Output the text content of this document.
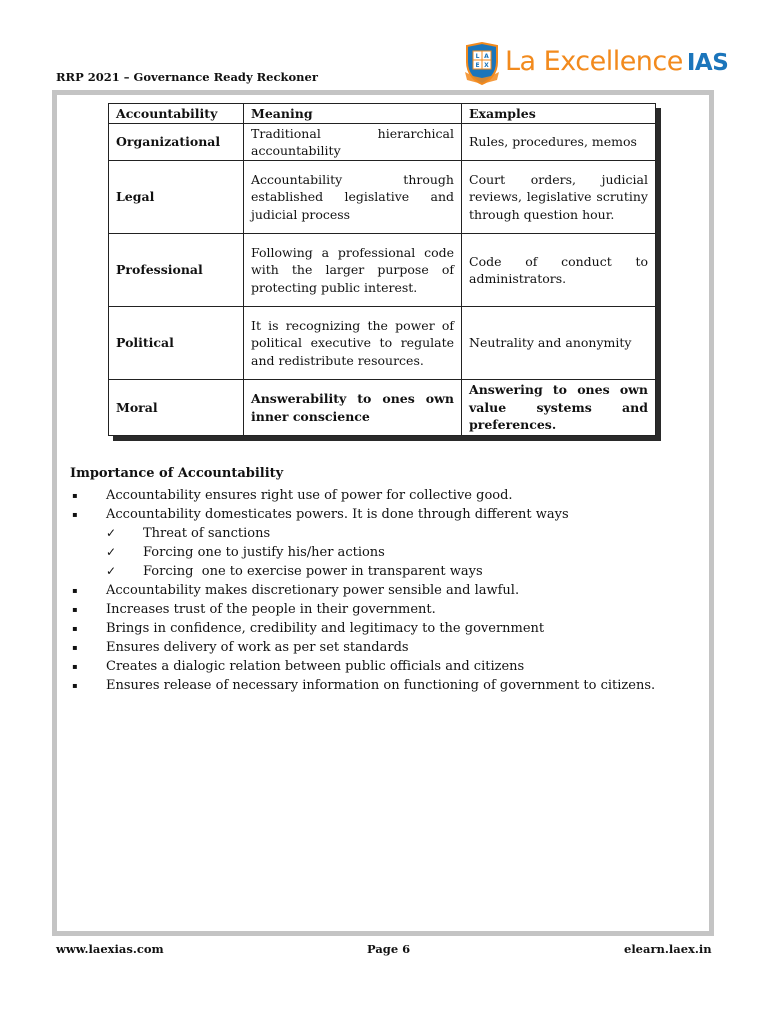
RRP 2021 – Governance Ready Reckoner
L A
E X La Excellence IAS
Accountability	Meaning	Examples
Organizational	Traditional hierarchical accountability	Rules, procedures, memos
Legal	Accountability through established legislative and judicial process	Court orders, judicial reviews, legislative scrutiny through question hour.
Professional	Following a professional code with the larger purpose of protecting public interest.	Code of conduct to administrators.
Political	It is recognizing the power of political executive to regulate and redistribute resources.	Neutrality and anonymity
Moral	Answerability to ones own inner conscience	Answering to ones own value systems and preferences.
Importance of Accountability
▪ Accountability ensures right use of power for collective good.
▪ Accountability domesticates powers. It is done through different ways
✓ Threat of sanctions
✓ Forcing one to justify his/her actions
✓ Forcing  one to exercise power in transparent ways
▪ Accountability makes discretionary power sensible and lawful.
▪ Increases trust of the people in their government.
▪ Brings in confidence, credibility and legitimacy to the government
▪ Ensures delivery of work as per set standards
▪ Creates a dialogic relation between public officials and citizens
▪ Ensures release of necessary information on functioning of government to citizens.
www.laexias.com	Page 6	elearn.laex.in
